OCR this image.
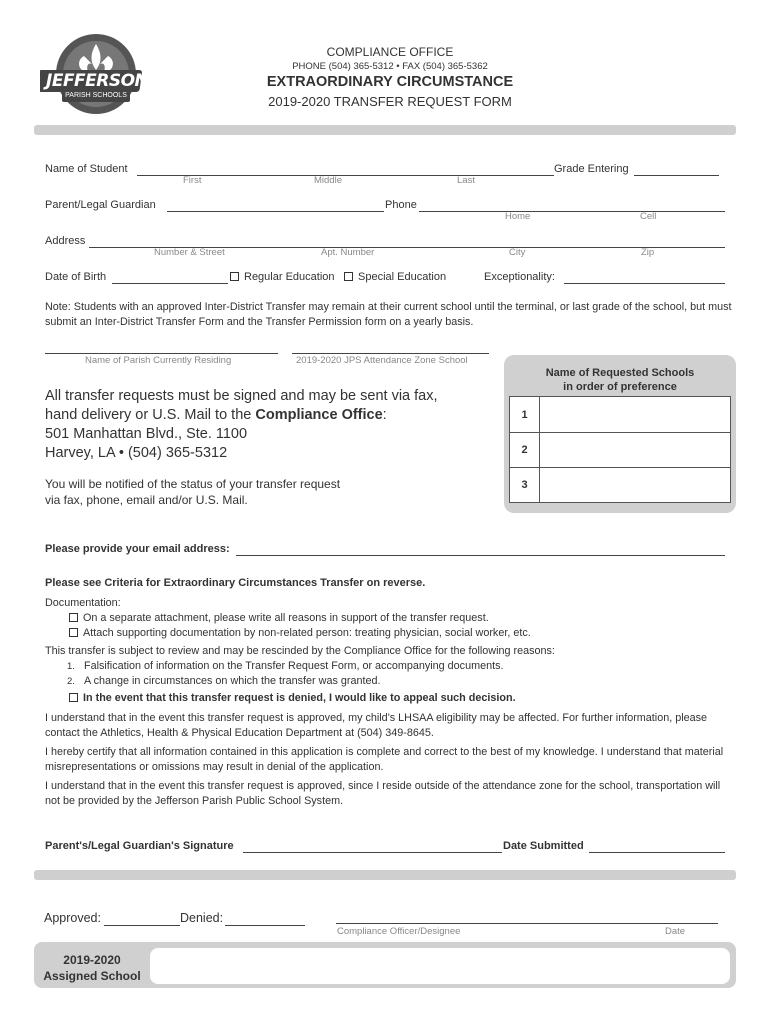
JEFFERSON
PARISH SCHOOLS
COMPLIANCE OFFICE
PHONE (504) 365-5312 • FAX (504) 365-5362
EXTRAORDINARY CIRCUMSTANCE
2019-2020 TRANSFER REQUEST FORM
Name of Student
First	Middle	Last
Grade Entering
Parent/Legal Guardian	Phone
Home	Cell
Address
Number & Street	Apt. Number	City	Zip
Date of Birth	Regular Education	Special Education	Exceptionality:
Note: Students with an approved Inter-District Transfer may remain at their current school until the terminal, or last grade of the school, but must submit an Inter-District Transfer Form and the Transfer Permission form on a yearly basis.
Name of Parish Currently Residing	2019-2020 JPS Attendance Zone School
All transfer requests must be signed and may be sent via fax,
hand delivery or U.S. Mail to the Compliance Office:
501 Manhattan Blvd., Ste. 1100
Harvey, LA • (504) 365-5312
You will be notified of the status of your transfer request
via fax, phone, email and/or U.S. Mail.
Name of Requested Schools
in order of preference
1
2
3
Please provide your email address:
Please see Criteria for Extraordinary Circumstances Transfer on reverse.
Documentation:
On a separate attachment, please write all reasons in support of the transfer request.
Attach supporting documentation by non-related person: treating physician, social worker, etc.
This transfer is subject to review and may be rescinded by the Compliance Office for the following reasons:
1. Falsification of information on the Transfer Request Form, or accompanying documents.
2. A change in circumstances on which the transfer was granted.
In the event that this transfer request is denied, I would like to appeal such decision.
I understand that in the event this transfer request is approved, my child's LHSAA eligibility may be affected. For further information, please contact the Athletics, Health & Physical Education Department at (504) 349-8645.
I hereby certify that all information contained in this application is complete and correct to the best of my knowledge. I understand that material misrepresentations or omissions may result in denial of the application.
I understand that in the event this transfer request is approved, since I reside outside of the attendance zone for the school, transportation will not be provided by the Jefferson Parish Public School System.
Parent's/Legal Guardian's Signature	Date Submitted
Approved:	Denied:
Compliance Officer/Designee	Date
2019-2020
Assigned School
